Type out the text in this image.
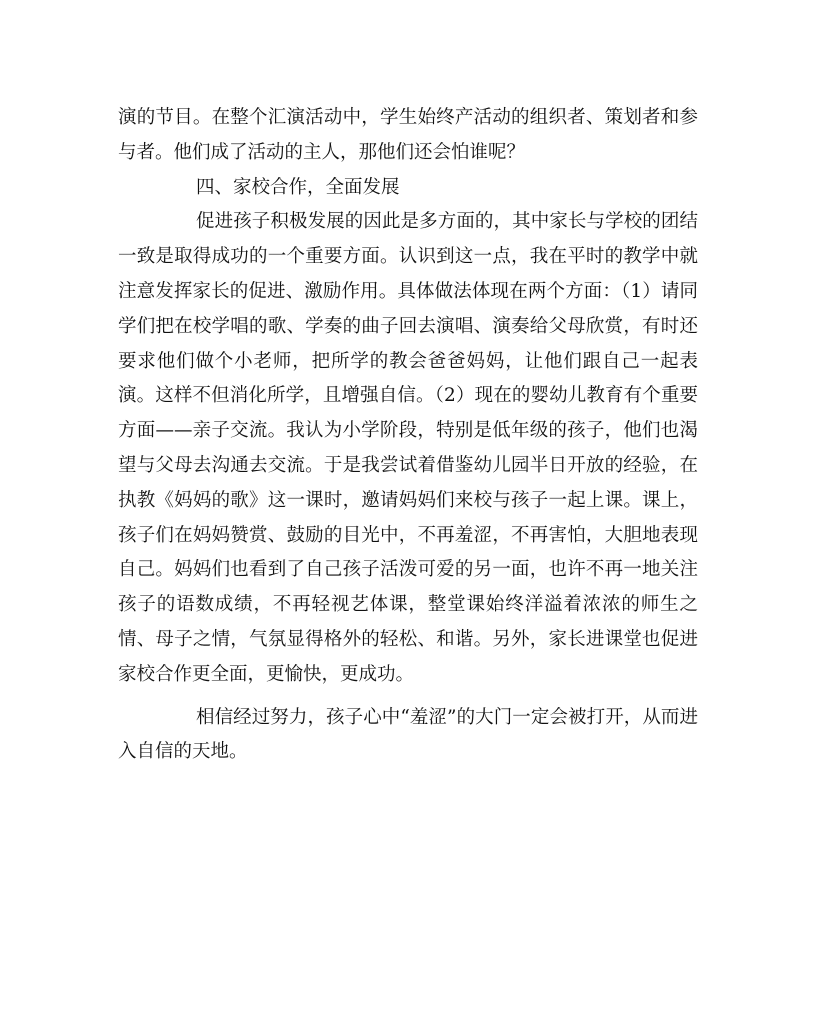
演的节目。在整个汇演活动中，学生始终产活动的组织者、策划者和参与者。他们成了活动的主人，那他们还会怕谁呢？

四、家校合作，全面发展

促进孩子积极发展的因此是多方面的，其中家长与学校的团结一致是取得成功的一个重要方面。认识到这一点，我在平时的教学中就注意发挥家长的促进、激励作用。具体做法体现在两个方面：（1）请同学们把在校学唱的歌、学奏的曲子回去演唱、演奏给父母欣赏，有时还要求他们做个小老师，把所学的教会爸爸妈妈，让他们跟自己一起表演。这样不但消化所学，且增强自信。（2）现在的婴幼儿教育有个重要方面——亲子交流。我认为小学阶段，特别是低年级的孩子，他们也渴望与父母去沟通去交流。于是我尝试着借鉴幼儿园半日开放的经验，在执教《妈妈的歌》这一课时，邀请妈妈们来校与孩子一起上课。课上，孩子们在妈妈赞赏、鼓励的目光中，不再羞涩，不再害怕，大胆地表现自己。妈妈们也看到了自己孩子活泼可爱的另一面，也许不再一地关注孩子的语数成绩，不再轻视艺体课，整堂课始终洋溢着浓浓的师生之情、母子之情，气氛显得格外的轻松、和谐。另外，家长进课堂也促进家校合作更全面，更愉快，更成功。

相信经过努力，孩子心中“羞涩”的大门一定会被打开，从而进入自信的天地。
